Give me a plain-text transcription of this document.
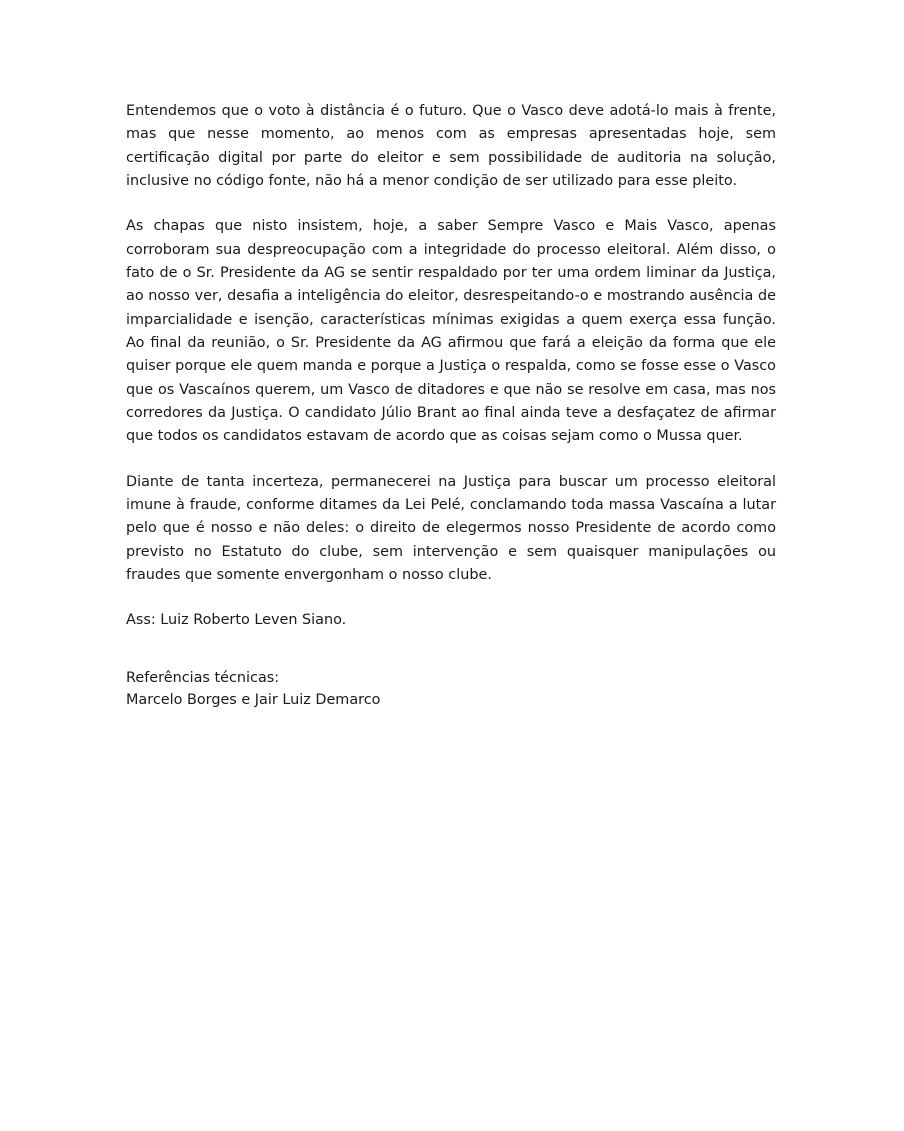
Entendemos que o voto à distância é o futuro. Que o Vasco deve adotá-lo mais à frente, mas que nesse momento, ao menos com as empresas apresentadas hoje, sem certificação digital por parte do eleitor e sem possibilidade de auditoria na solução, inclusive no código fonte, não há a menor condição de ser utilizado para esse pleito.

As chapas que nisto insistem, hoje, a saber Sempre Vasco e Mais Vasco, apenas corroboram sua despreocupação com a integridade do processo eleitoral. Além disso, o fato de o Sr. Presidente da AG se sentir respaldado por ter uma ordem liminar da Justiça, ao nosso ver, desafia a inteligência do eleitor, desrespeitando-o e mostrando ausência de imparcialidade e isenção, características mínimas exigidas a quem exerça essa função. Ao final da reunião, o Sr. Presidente da AG afirmou que fará a eleição da forma que ele quiser porque ele quem manda e porque a Justiça o respalda, como se fosse esse o Vasco que os Vascaínos querem, um Vasco de ditadores e que não se resolve em casa, mas nos corredores da Justiça. O candidato Júlio Brant ao final ainda teve a desfaçatez de afirmar que todos os candidatos estavam de acordo que as coisas sejam como o Mussa quer.

Diante de tanta incerteza, permanecerei na Justiça para buscar um processo eleitoral imune à fraude, conforme ditames da Lei Pelé, conclamando toda massa Vascaína a lutar pelo que é nosso e não deles: o direito de elegermos nosso Presidente de acordo como previsto no Estatuto do clube, sem intervenção e sem quaisquer manipulações ou fraudes que somente envergonham o nosso clube.

Ass: Luiz Roberto Leven Siano.

Referências técnicas:

Marcelo Borges e Jair Luiz Demarco
